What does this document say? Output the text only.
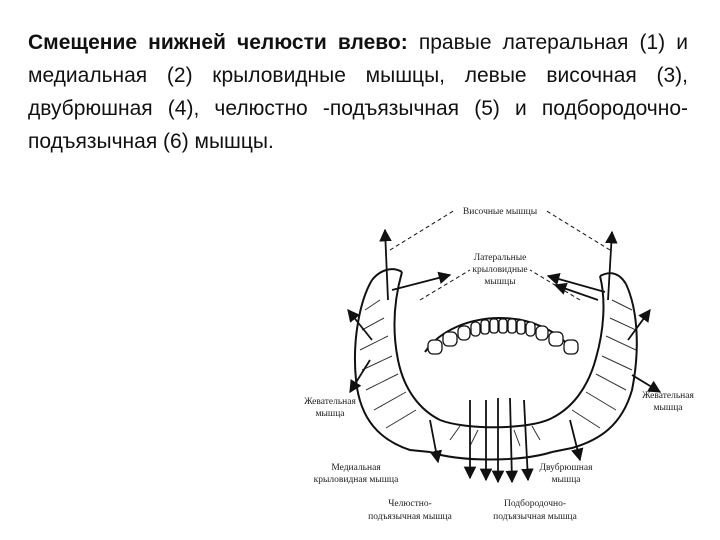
Смещение нижней челюсти влево: правые латеральная (1) и медиальная (2) крыловидные мышцы, левые височная (3), двубрюшная (4), челюстно -подъязычная (5) и подбородочно-подъязычная (6) мышцы.
Височные мышцы
Латеральные
крыловидные
мышцы
Жевательная
мышца
Жевательная
мышца
Медиальная
крыловидная мышца
Двубрюшная
мышца
Челюстно-
подъязычная мышца
Подбородочно-
подъязычная мышца
